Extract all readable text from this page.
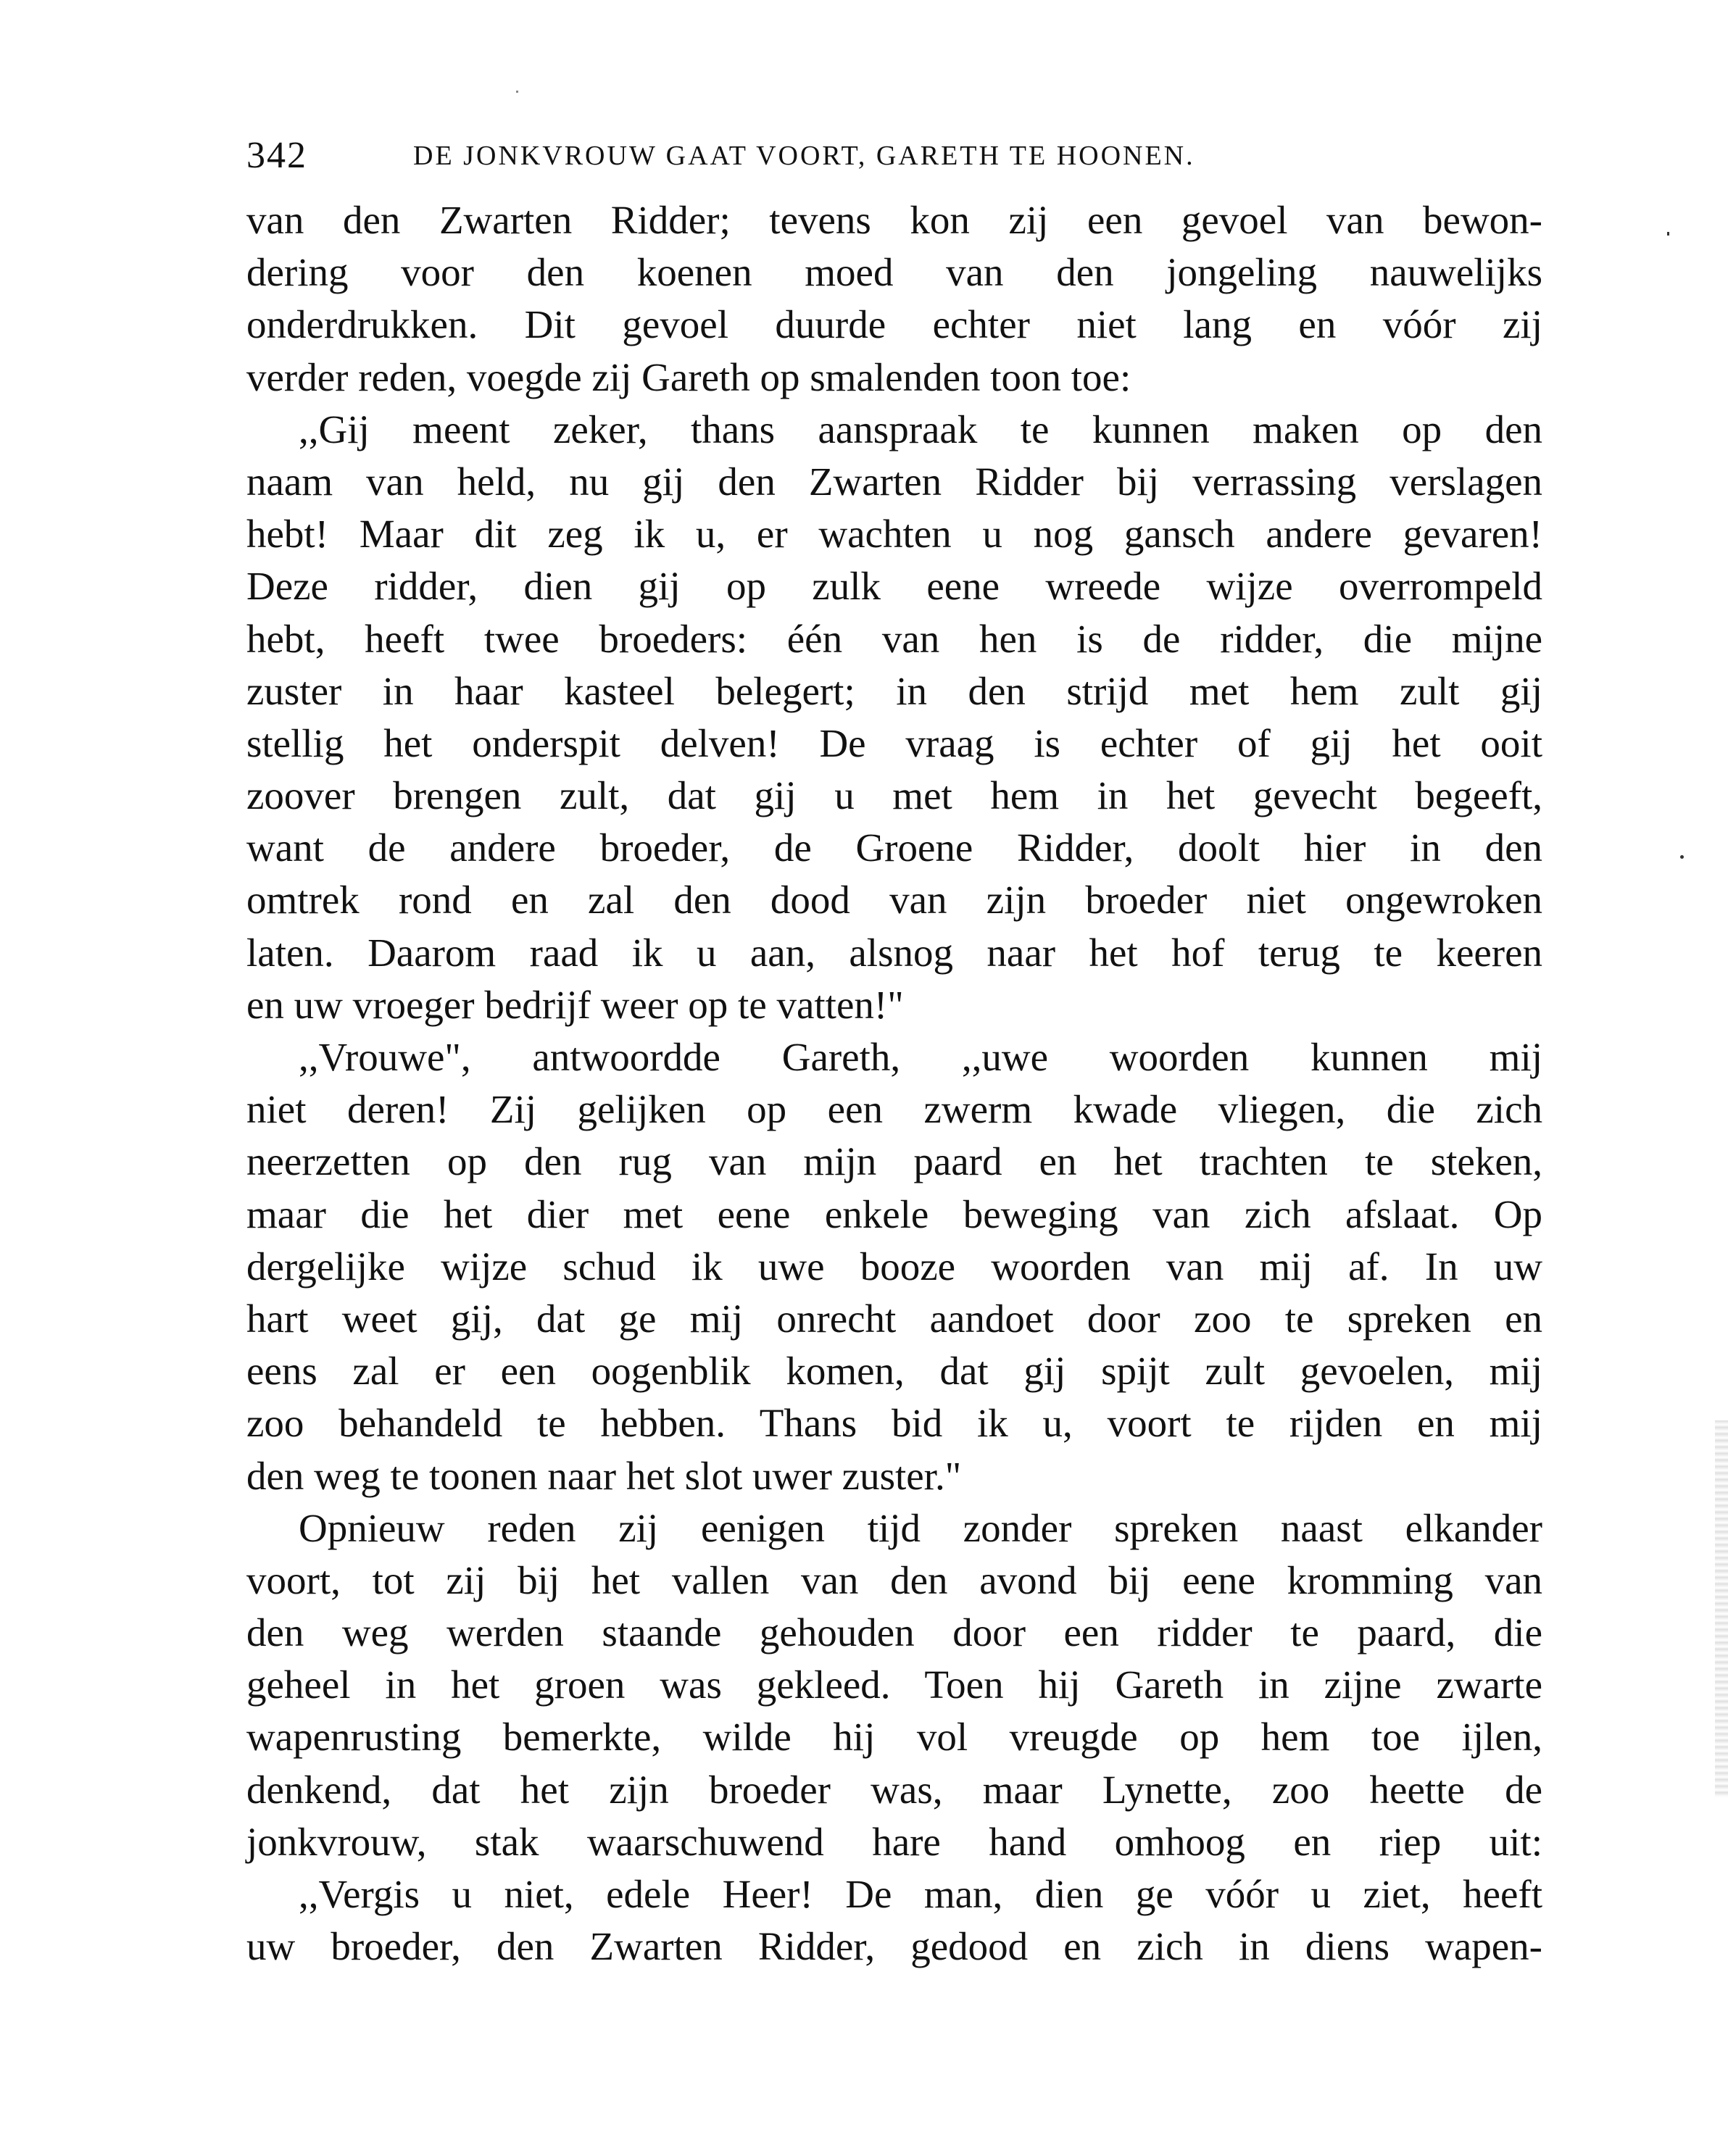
342	DE JONKVROUW GAAT VOORT, GARETH TE HOONEN.
van den Zwarten Ridder; tevens kon zij een gevoel van bewon-
dering voor den koenen moed van den jongeling nauwelijks
onderdrukken. Dit gevoel duurde echter niet lang en vóór zij
verder reden, voegde zij Gareth op smalenden toon toe:
,,Gij meent zeker, thans aanspraak te kunnen maken op den
naam van held, nu gij den Zwarten Ridder bij verrassing verslagen
hebt! Maar dit zeg ik u, er wachten u nog gansch andere gevaren!
Deze ridder, dien gij op zulk eene wreede wijze overrompeld
hebt, heeft twee broeders: één van hen is de ridder, die mijne
zuster in haar kasteel belegert; in den strijd met hem zult gij
stellig het onderspit delven! De vraag is echter of gij het ooit
zoover brengen zult, dat gij u met hem in het gevecht begeeft,
want de andere broeder, de Groene Ridder, doolt hier in den
omtrek rond en zal den dood van zijn broeder niet ongewroken
laten. Daarom raad ik u aan, alsnog naar het hof terug te keeren
en uw vroeger bedrijf weer op te vatten!"
,,Vrouwe", antwoordde Gareth, ,,uwe woorden kunnen mij
niet deren! Zij gelijken op een zwerm kwade vliegen, die zich
neerzetten op den rug van mijn paard en het trachten te steken,
maar die het dier met eene enkele beweging van zich afslaat. Op
dergelijke wijze schud ik uwe booze woorden van mij af. In uw
hart weet gij, dat ge mij onrecht aandoet door zoo te spreken en
eens zal er een oogenblik komen, dat gij spijt zult gevoelen, mij
zoo behandeld te hebben. Thans bid ik u, voort te rijden en mij
den weg te toonen naar het slot uwer zuster."
Opnieuw reden zij eenigen tijd zonder spreken naast elkander
voort, tot zij bij het vallen van den avond bij eene kromming van
den weg werden staande gehouden door een ridder te paard, die
geheel in het groen was gekleed. Toen hij Gareth in zijne zwarte
wapenrusting bemerkte, wilde hij vol vreugde op hem toe ijlen,
denkend, dat het zijn broeder was, maar Lynette, zoo heette de
jonkvrouw, stak waarschuwend hare hand omhoog en riep uit:
,,Vergis u niet, edele Heer! De man, dien ge vóór u ziet, heeft
uw broeder, den Zwarten Ridder, gedood en zich in diens wapen-
